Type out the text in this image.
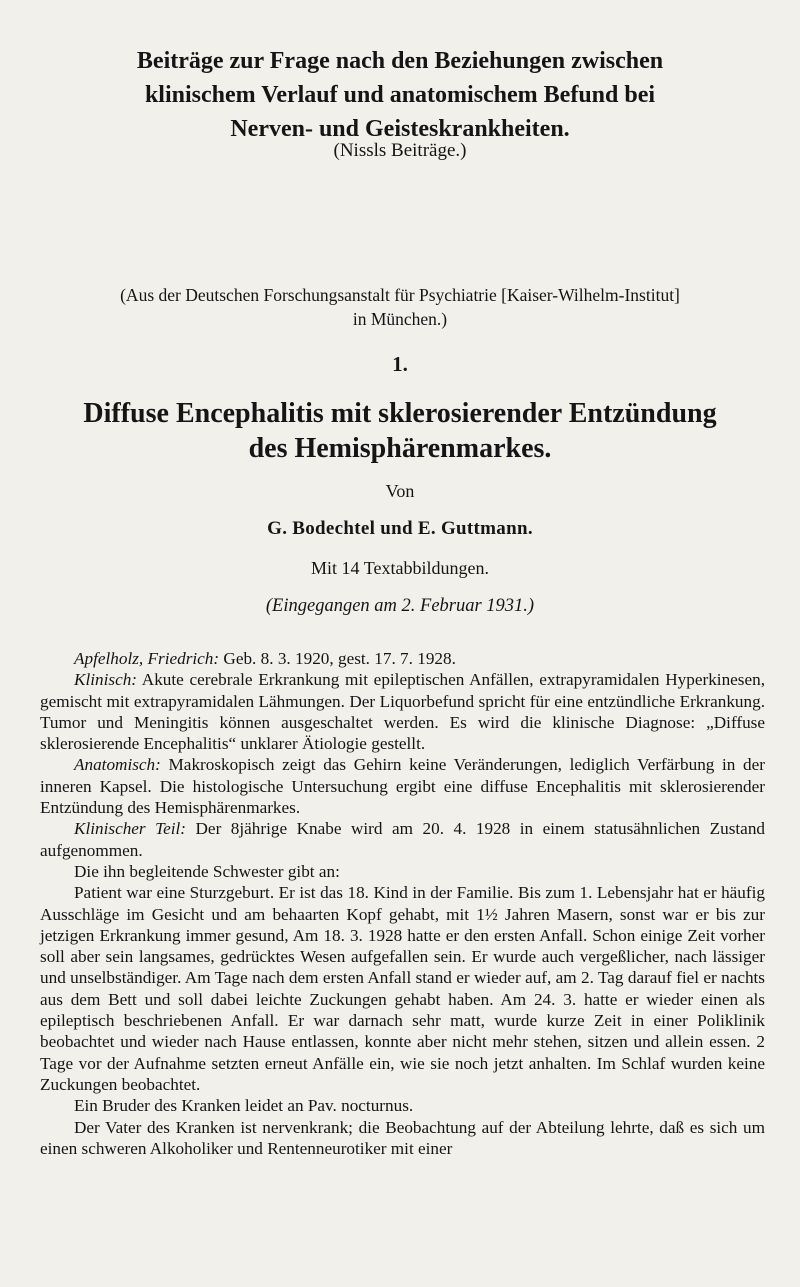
Beiträge zur Frage nach den Beziehungen zwischen
klinischem Verlauf und anatomischem Befund bei
Nerven- und Geisteskrankheiten.
(Nissls Beiträge.)
(Aus der Deutschen Forschungsanstalt für Psychiatrie [Kaiser-Wilhelm-Institut]
in München.)
1.
Diffuse Encephalitis mit sklerosierender Entzündung
des Hemisphärenmarkes.
Von
G. Bodechtel und E. Guttmann.
Mit 14 Textabbildungen.
(Eingegangen am 2. Februar 1931.)

Apfelholz, Friedrich: Geb. 8. 3. 1920, gest. 17. 7. 1928.

Klinisch: Akute cerebrale Erkrankung mit epileptischen Anfällen, extrapyramidalen Hyperkinesen, gemischt mit extrapyramidalen Lähmungen. Der Liquorbefund spricht für eine entzündliche Erkrankung. Tumor und Meningitis können ausgeschaltet werden. Es wird die klinische Diagnose: „Diffuse sklerosierende Encephalitis“ unklarer Ätiologie gestellt.

Anatomisch: Makroskopisch zeigt das Gehirn keine Veränderungen, lediglich Verfärbung in der inneren Kapsel. Die histologische Untersuchung ergibt eine diffuse Encephalitis mit sklerosierender Entzündung des Hemisphärenmarkes.

Klinischer Teil: Der 8jährige Knabe wird am 20. 4. 1928 in einem statusähnlichen Zustand aufgenommen.

Die ihn begleitende Schwester gibt an:

Patient war eine Sturzgeburt. Er ist das 18. Kind in der Familie. Bis zum 1. Lebensjahr hat er häufig Ausschläge im Gesicht und am behaarten Kopf gehabt, mit 1½ Jahren Masern, sonst war er bis zur jetzigen Erkrankung immer gesund, Am 18. 3. 1928 hatte er den ersten Anfall. Schon einige Zeit vorher soll aber sein langsames, gedrücktes Wesen aufgefallen sein. Er wurde auch vergeßlicher, nach lässiger und unselbständiger. Am Tage nach dem ersten Anfall stand er wieder auf, am 2. Tag darauf fiel er nachts aus dem Bett und soll dabei leichte Zuckungen gehabt haben. Am 24. 3. hatte er wieder einen als epileptisch beschriebenen Anfall. Er war darnach sehr matt, wurde kurze Zeit in einer Poliklinik beobachtet und wieder nach Hause entlassen, konnte aber nicht mehr stehen, sitzen und allein essen. 2 Tage vor der Aufnahme setzten erneut Anfälle ein, wie sie noch jetzt anhalten. Im Schlaf wurden keine Zuckungen beobachtet.

Ein Bruder des Kranken leidet an Pav. nocturnus.

Der Vater des Kranken ist nervenkrank; die Beobachtung auf der Abteilung lehrte, daß es sich um einen schweren Alkoholiker und Rentenneurotiker mit einer
